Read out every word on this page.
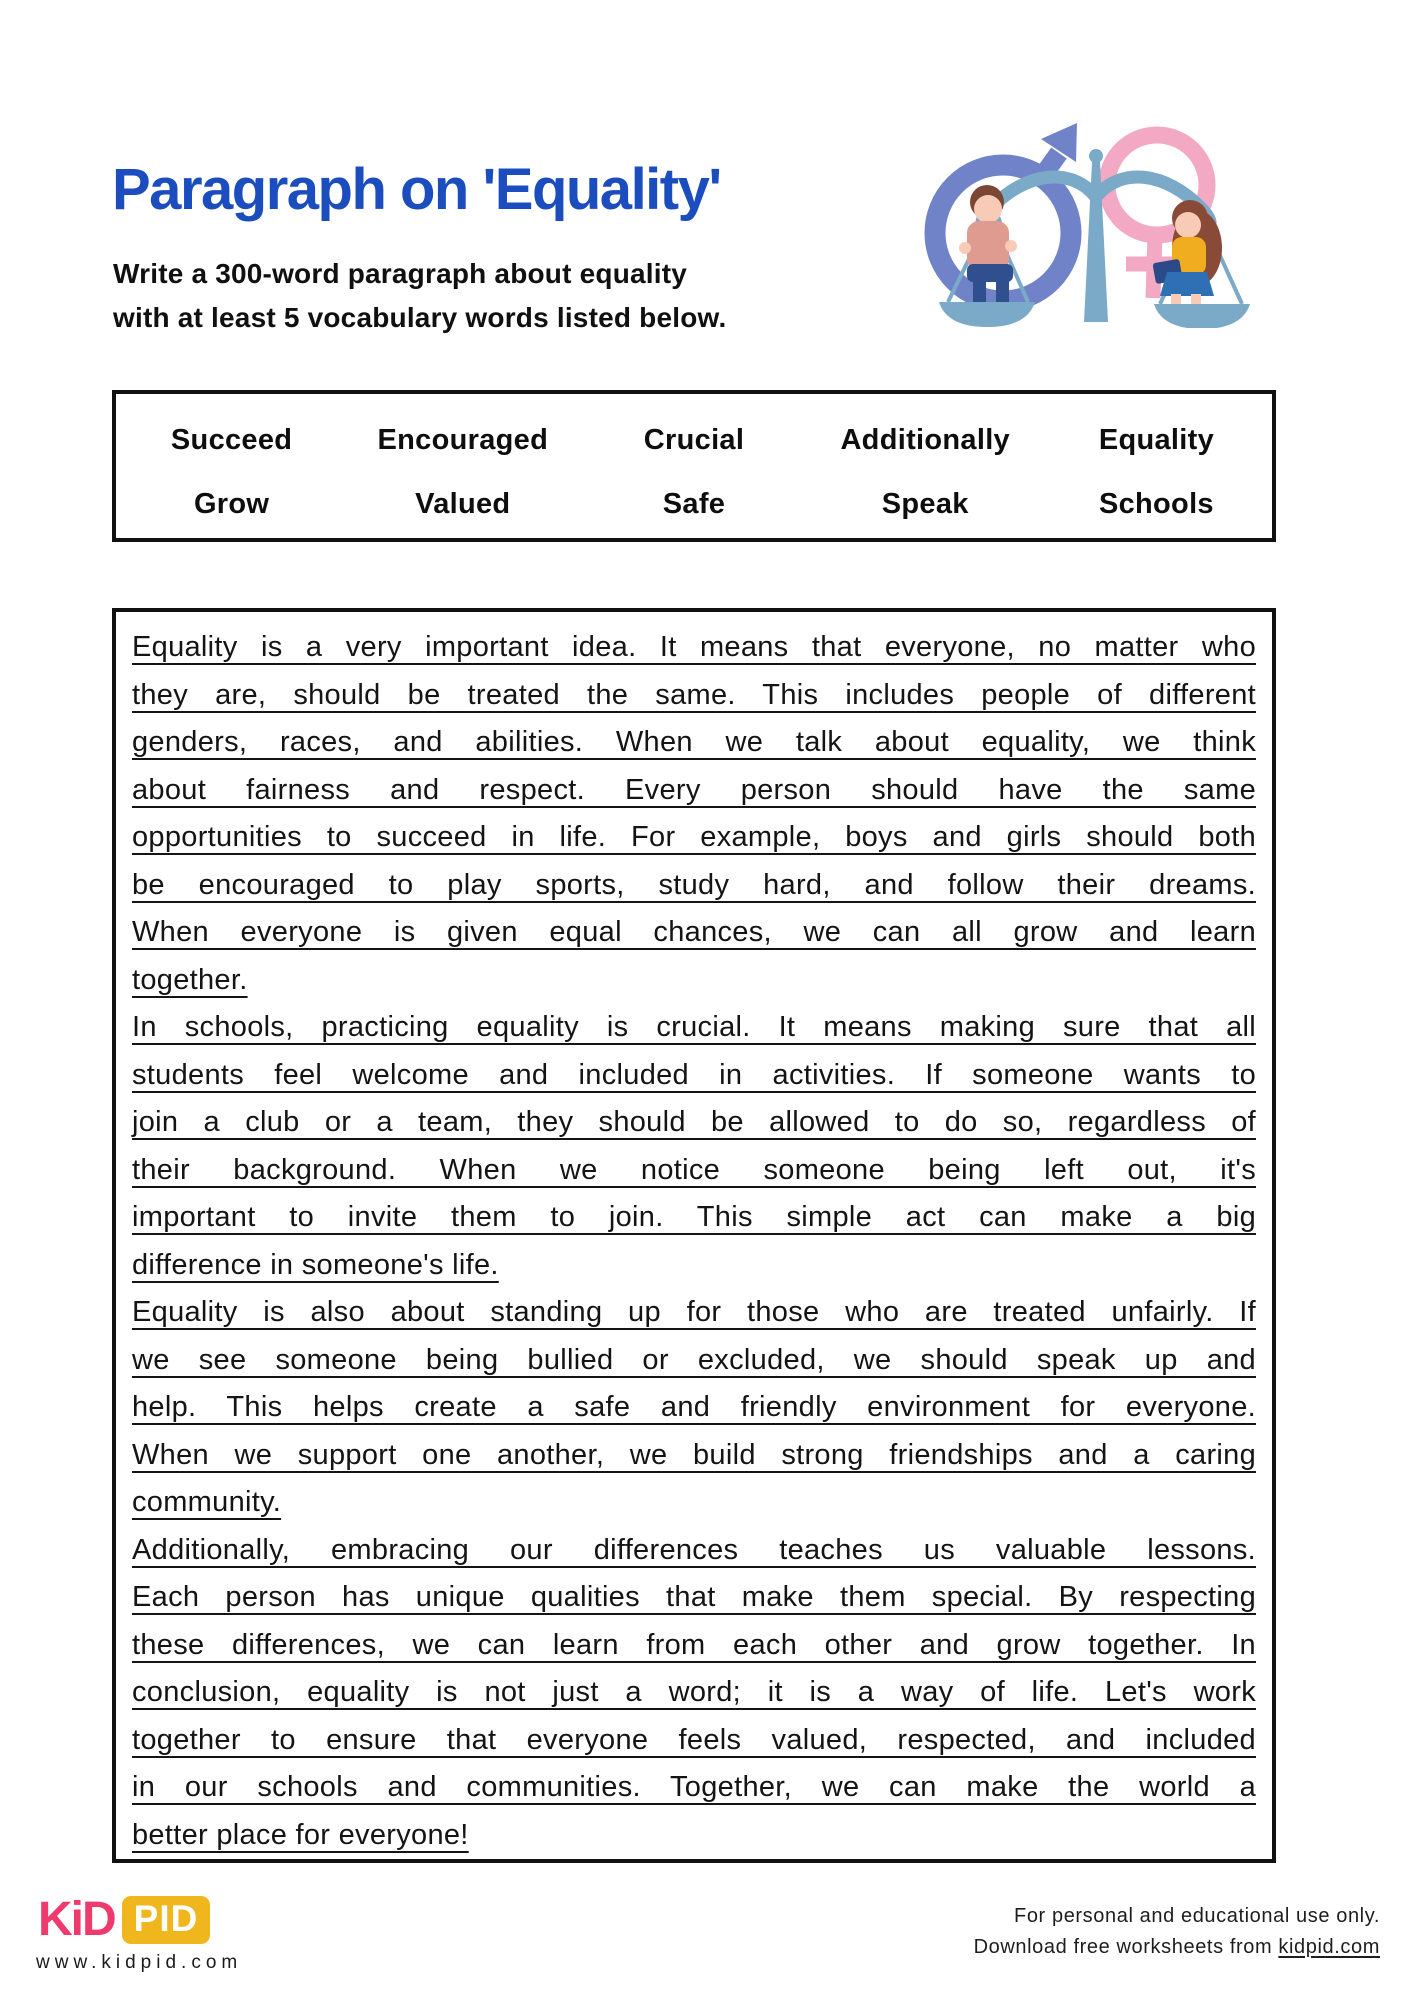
Paragraph on 'Equality'
Write a 300-word paragraph about equality
with at least 5 vocabulary words listed below.
Succeed	Encouraged	Crucial	Additionally	Equality
Grow	Valued	Safe	Speak	Schools
Equality is a very important idea. It means that everyone, no matter who
they are, should be treated the same. This includes people of different
genders, races, and abilities. When we talk about equality, we think
about fairness and respect. Every person should have the same
opportunities to succeed in life. For example, boys and girls should both
be encouraged to play sports, study hard, and follow their dreams.
When everyone is given equal chances, we can all grow and learn
together.
In schools, practicing equality is crucial. It means making sure that all
students feel welcome and included in activities. If someone wants to
join a club or a team, they should be allowed to do so, regardless of
their background. When we notice someone being left out, it's
important to invite them to join. This simple act can make a big
difference in someone's life.
Equality is also about standing up for those who are treated unfairly. If
we see someone being bullied or excluded, we should speak up and
help. This helps create a safe and friendly environment for everyone.
When we support one another, we build strong friendships and a caring
community.
Additionally, embracing our differences teaches us valuable lessons.
Each person has unique qualities that make them special. By respecting
these differences, we can learn from each other and grow together. In
conclusion, equality is not just a word; it is a way of life. Let's work
together to ensure that everyone feels valued, respected, and included
in our schools and communities. Together, we can make the world a
better place for everyone!
KiD PID
www.kidpid.com
For personal and educational use only.
Download free worksheets from kidpid.com
